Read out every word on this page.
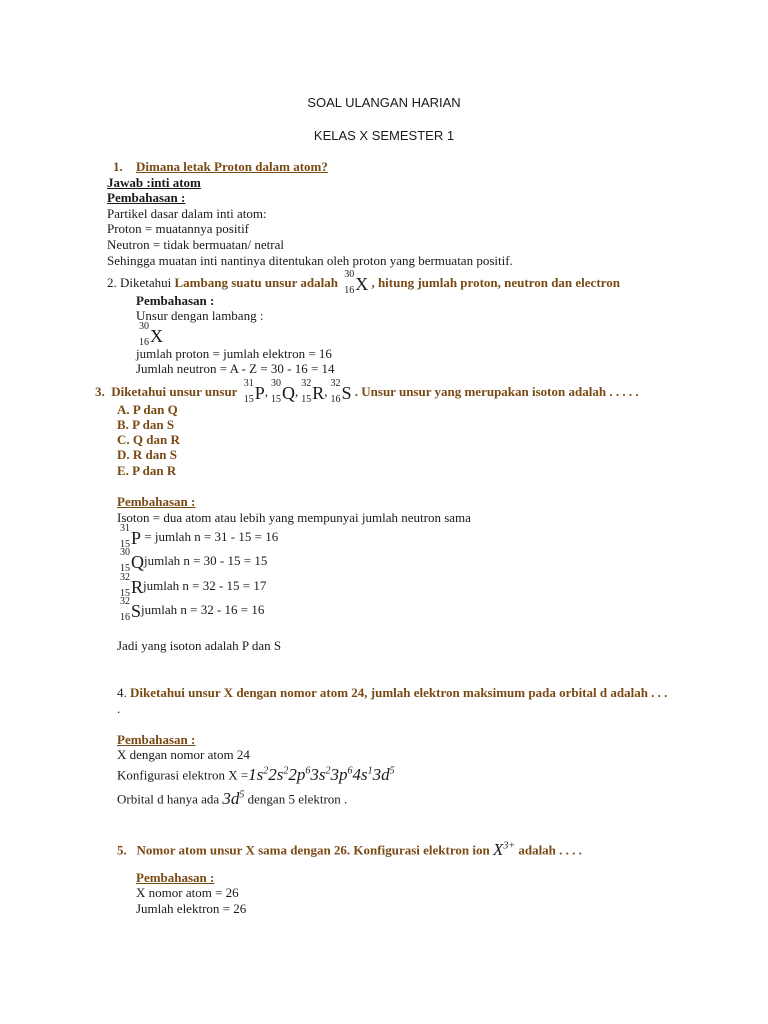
SOAL ULANGAN HARIAN
KELAS X SEMESTER 1
1. Dimana letak Proton dalam atom?
Jawab :inti atom
Pembahasan :
Partikel dasar dalam inti atom:
Proton = muatannya positif
Neutron = tidak bermuatan/ netral
Sehingga muatan inti nantinya ditentukan oleh proton yang bermuatan positif.
2. Diketahui Lambang suatu unsur adalah
30
16 X , hitung jumlah proton, neutron dan electron
Pembahasan :
Unsur dengan lambang :
30
16 X
jumlah proton = jumlah elektron = 16
Jumlah neutron = A - Z = 30 - 16 = 14
3. Diketahui unsur unsur
31
15 P,
30
15 Q,
32
15 R,
32
16 S . Unsur unsur yang merupakan isoton adalah . . . . .
A. P dan Q
B. P dan S
C. Q dan R
D. R dan S
E. P dan R
Pembahasan :
Isoton = dua atom atau lebih yang mempunyai jumlah neutron sama
31
15 P = jumlah n = 31 - 15 = 16
30
15 Qjumlah n = 30 - 15 = 15
32
15 Rjumlah n = 32 - 15 = 17
32
16 Sjumlah n = 32 - 16 = 16
Jadi yang isoton adalah P dan S
4. Diketahui unsur X dengan nomor atom 24, jumlah elektron maksimum pada orbital d adalah . . .
.
Pembahasan :
X dengan nomor atom 24
Konfigurasi elektron $X =1s^22s^22p^63s^23p^64s^13d^5$
Orbital d hanya ada $3d^5$ dengan 5 elektron .
5. Nomor atom unsur X sama dengan 26. Konfigurasi elektron ion $X^{3+}$ adalah . . . .
Pembahasan :
X nomor atom = 26
Jumlah elektron = 26
